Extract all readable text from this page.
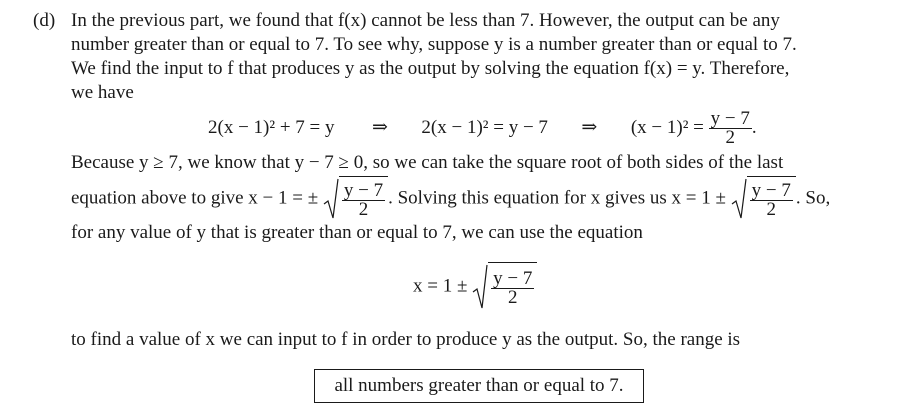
(d) In the previous part, we found that f(x) cannot be less than 7. However, the output can be any
number greater than or equal to 7. To see why, suppose y is a number greater than or equal to 7.
We find the input to f that produces y as the output by solving the equation f(x) = y. Therefore,
we have
2(x − 1)² + 7 = y ⇒ 2(x − 1)² = y − 7 ⇒ $(x - 1)^2 = \frac{y - 7}{2}$ .
Because y ≥ 7, we know that y − 7 ≥ 0, so we can take the square root of both sides of the last
equation above to give x − 1 = ± $\frac{y - 7}{2}$ . Solving this equation for x gives us $x = 1 \pm \frac{y - 7}{2}$ . So,
for any value of y that is greater than or equal to 7, we can use the equation
$x = 1 \pm \frac{y - 7}{2}$
to find a value of x we can input to f in order to produce y as the output. So, the range is
all numbers greater than or equal to 7.
